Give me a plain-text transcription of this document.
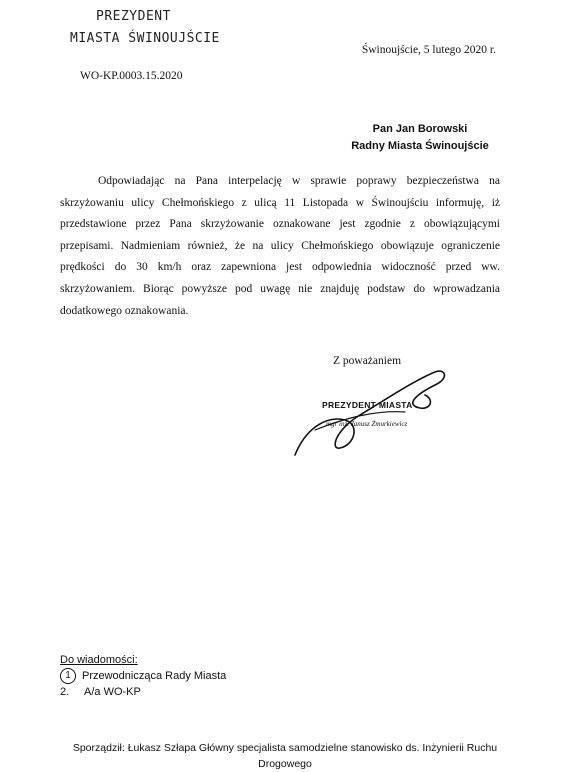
PREZYDENT
MIASTA ŚWINOUJŚCIE
Świnoujście, 5 lutego 2020 r.
WO-KP.0003.15.2020
Pan Jan Borowski
Radny Miasta Świnoujście

Odpowiadając na Pana interpelację w sprawie poprawy bezpieczeństwa na skrzyżowaniu ulicy Chełmońskiego z ulicą 11 Listopada w Świnoujściu informuję, iż przedstawione przez Pana skrzyżowanie oznakowane jest zgodnie z obowiązującymi przepisami. Nadmieniam również, że na ulicy Chełmońskiego obowiązuje ograniczenie prędkości do 30 km/h oraz zapewniona jest odpowiednia widoczność przed ww. skrzyżowaniem. Biorąc powyższe pod uwagę nie znajduję podstaw do wprowadzania dodatkowego oznakowania.

Z poważaniem
PREZYDENT MIASTA
mgr inż. Janusz Żmurkiewicz
Do wiadomości:
1	Przewodnicząca Rady Miasta
2.	A/a WO-KP
Sporządził: Łukasz Szłapa Główny specjalista samodzielne stanowisko ds. Inżynierii Ruchu
Drogowego
